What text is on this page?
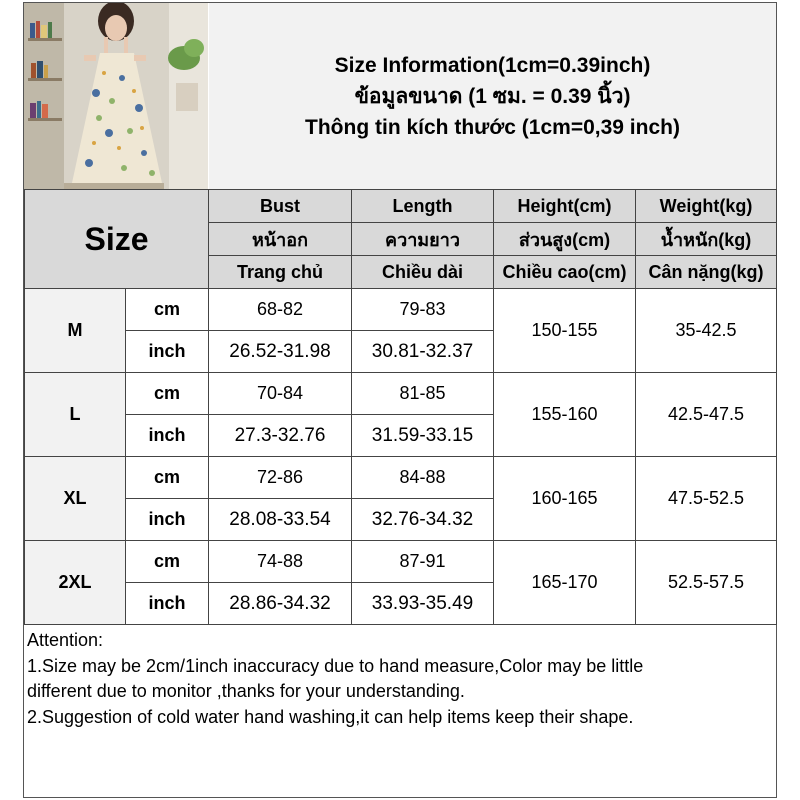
Size Information(1cm=0.39inch)
ข้อมูลขนาด (1 ซม. = 0.39 นิ้ว)
Thông tin kích thước (1cm=0,39 inch)
Size		Bust	Length	Height(cm)	Weight(kg)
		หน้าอก	ความยาว	ส่วนสูง(cm)	น้ำหนัก(kg)
		Trang chủ	Chiều dài	Chiều cao(cm)	Cân nặng(kg)
M	cm	68-82	79-83	150-155	35-42.5
	inch	26.52-31.98	30.81-32.37		
L	cm	70-84	81-85	155-160	42.5-47.5
	inch	27.3-32.76	31.59-33.15		
XL	cm	72-86	84-88	160-165	47.5-52.5
	inch	28.08-33.54	32.76-34.32		
2XL	cm	74-88	87-91	165-170	52.5-57.5
	inch	28.86-34.32	33.93-35.49		
Attention:
1.Size may be 2cm/1inch inaccuracy due to hand measure,Color may be little
different due to monitor ,thanks for your understanding.
2.Suggestion of cold water hand washing,it can help items keep their shape.
